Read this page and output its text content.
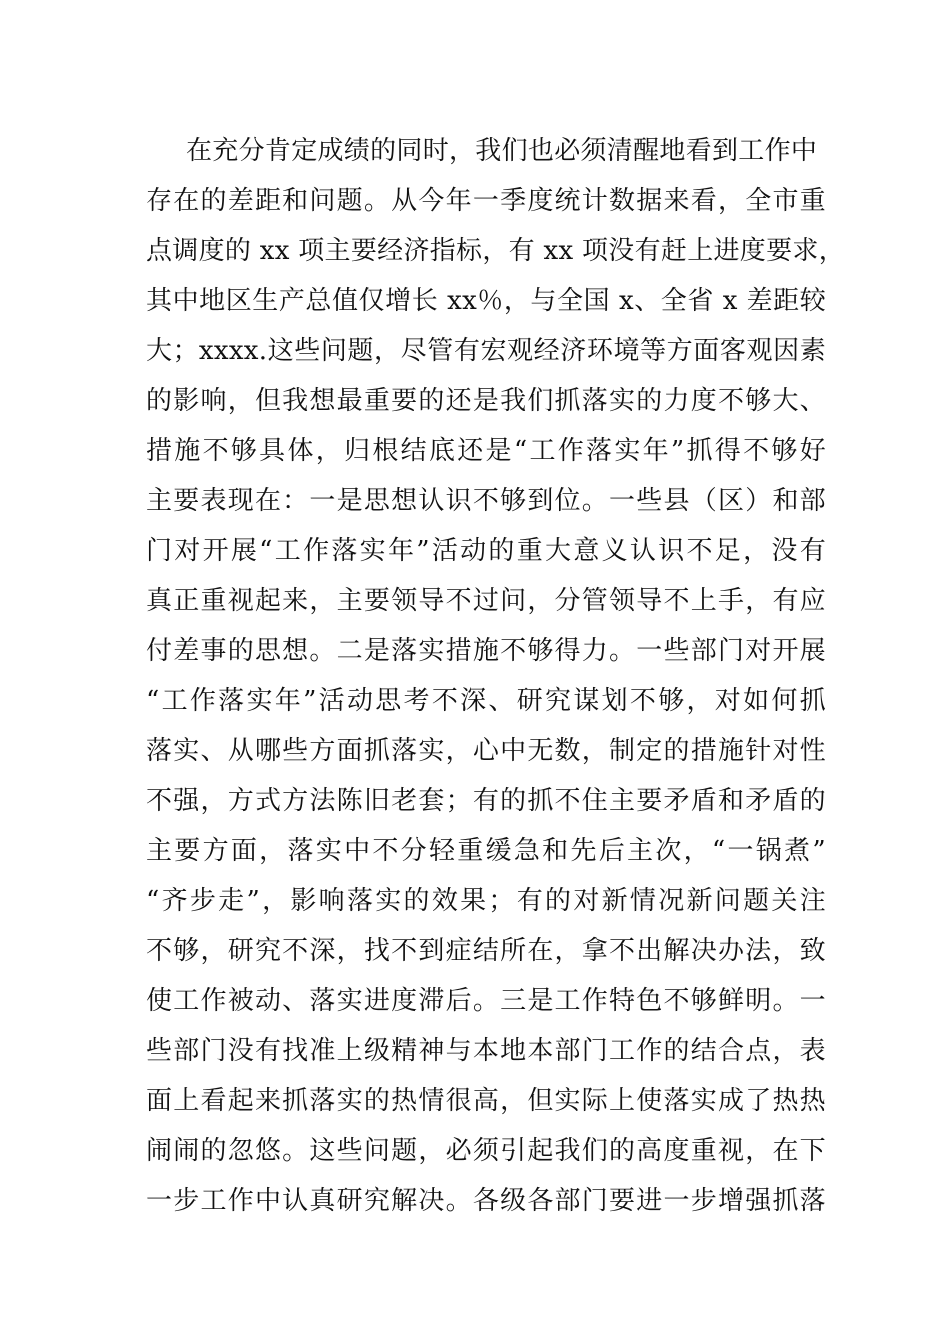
在充分肯定成绩的同时，我们也必须清醒地看到工作中
存在的差距和问题。从今年一季度统计数据来看，全市重
点调度的 xx 项主要经济指标，有 xx 项没有赶上进度要求，
其中地区生产总值仅增长 xx％，与全国 x、全省 x 差距较
大；xxxx.这些问题，尽管有宏观经济环境等方面客观因素
的影响，但我想最重要的还是我们抓落实的力度不够大、
措施不够具体，归根结底还是“工作落实年”抓得不够好
主要表现在：一是思想认识不够到位。一些县（区）和部
门对开展“工作落实年”活动的重大意义认识不足，没有
真正重视起来，主要领导不过问，分管领导不上手，有应
付差事的思想。二是落实措施不够得力。一些部门对开展
“工作落实年”活动思考不深、研究谋划不够，对如何抓
落实、从哪些方面抓落实，心中无数，制定的措施针对性
不强，方式方法陈旧老套；有的抓不住主要矛盾和矛盾的
主要方面，落实中不分轻重缓急和先后主次，“一锅煮”
“齐步走”，影响落实的效果；有的对新情况新问题关注
不够，研究不深，找不到症结所在，拿不出解决办法，致
使工作被动、落实进度滞后。三是工作特色不够鲜明。一
些部门没有找准上级精神与本地本部门工作的结合点，表
面上看起来抓落实的热情很高，但实际上使落实成了热热
闹闹的忽悠。这些问题，必须引起我们的高度重视，在下
一步工作中认真研究解决。各级各部门要进一步增强抓落
